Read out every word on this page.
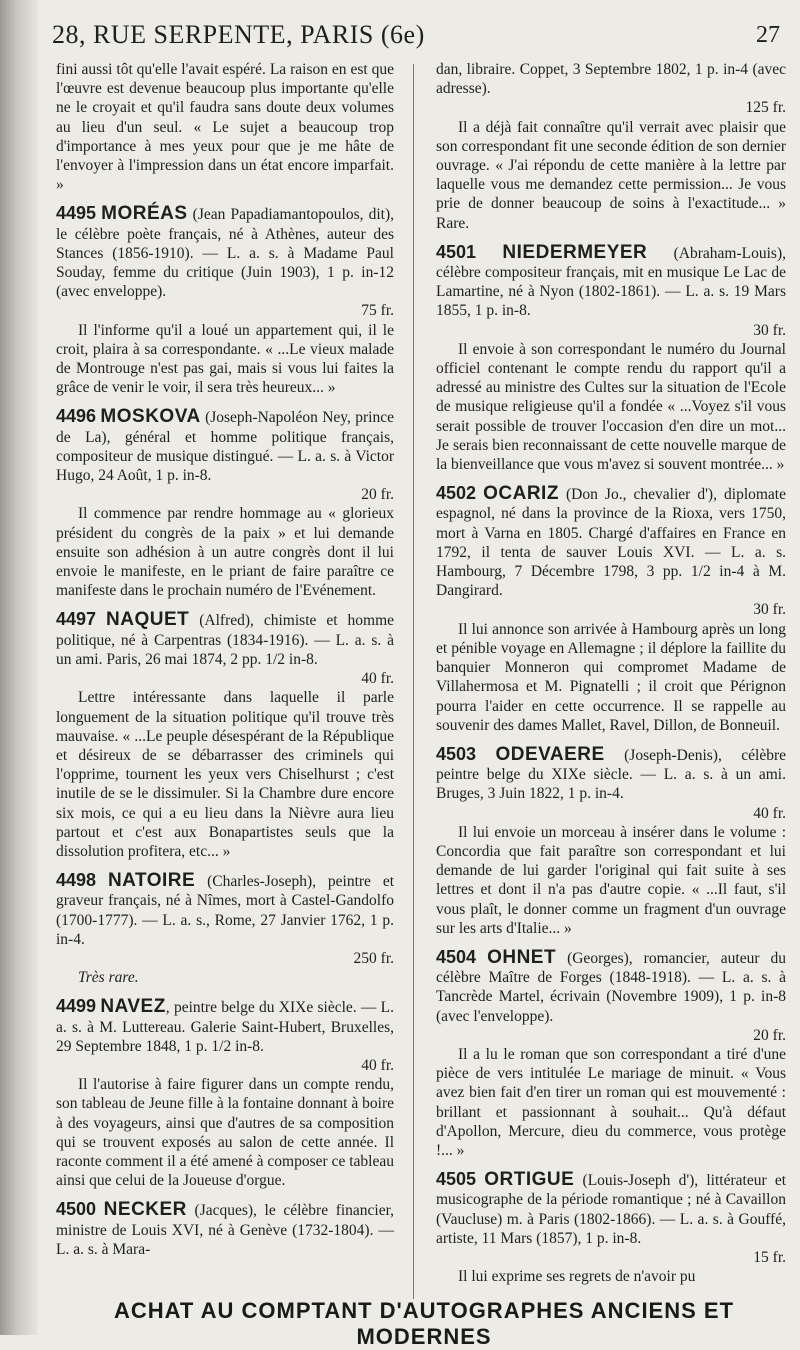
28, RUE SERPENTE, PARIS (6e)	27

fini aussi tôt qu'elle l'avait espéré. La raison en est que l'œuvre est devenue beaucoup plus importante qu'elle ne le croyait et qu'il faudra sans doute deux volumes au lieu d'un seul. « Le sujet a beaucoup trop d'importance à mes yeux pour que je me hâte de l'envoyer à l'impression dans un état encore imparfait. »

4495 MORÉAS (Jean Papadiamantopoulos, dit), le célèbre poète français, né à Athènes, auteur des Stances (1856-1910). — L. a. s. à Madame Paul Souday, femme du critique (Juin 1903), 1 p. in-12 (avec enveloppe).

75 fr.

Il l'informe qu'il a loué un appartement qui, il le croit, plaira à sa correspondante. « ...Le vieux malade de Montrouge n'est pas gai, mais si vous lui faites la grâce de venir le voir, il sera très heureux... »

4496 MOSKOVA (Joseph-Napoléon Ney, prince de La), général et homme politique français, compositeur de musique distingué. — L. a. s. à Victor Hugo, 24 Août, 1 p. in-8.

20 fr.

Il commence par rendre hommage au « glorieux président du congrès de la paix » et lui demande ensuite son adhésion à un autre congrès dont il lui envoie le manifeste, en le priant de faire paraître ce manifeste dans le prochain numéro de l'Evénement.

4497 NAQUET (Alfred), chimiste et homme politique, né à Carpentras (1834-1916). — L. a. s. à un ami. Paris, 26 mai 1874, 2 pp. 1/2 in-8.

40 fr.

Lettre intéressante dans laquelle il parle longuement de la situation politique qu'il trouve très mauvaise. « ...Le peuple désespérant de la République et désireux de se débarrasser des criminels qui l'opprime, tournent les yeux vers Chiselhurst ; c'est inutile de se le dissimuler. Si la Chambre dure encore six mois, ce qui a eu lieu dans la Nièvre aura lieu partout et c'est aux Bonapartistes seuls que la dissolution profitera, etc... »

4498 NATOIRE (Charles-Joseph), peintre et graveur français, né à Nîmes, mort à Castel-Gandolfo (1700-1777). — L. a. s., Rome, 27 Janvier 1762, 1 p. in-4.

250 fr.
Très rare.

4499 NAVEZ, peintre belge du XIXe siècle. — L. a. s. à M. Luttereau. Galerie Saint-Hubert, Bruxelles, 29 Septembre 1848, 1 p. 1/2 in-8.

40 fr.

Il l'autorise à faire figurer dans un compte rendu, son tableau de Jeune fille à la fontaine donnant à boire à des voyageurs, ainsi que d'autres de sa composition qui se trouvent exposés au salon de cette année. Il raconte comment il a été amené à composer ce tableau ainsi que celui de la Joueuse d'orgue.

4500 NECKER (Jacques), le célèbre financier, ministre de Louis XVI, né à Genève (1732-1804). — L. a. s. à Mara-

dan, libraire. Coppet, 3 Septembre 1802, 1 p. in-4 (avec adresse).

125 fr.

Il a déjà fait connaître qu'il verrait avec plaisir que son correspondant fit une seconde édition de son dernier ouvrage. « J'ai répondu de cette manière à la lettre par laquelle vous me demandez cette permission... Je vous prie de donner beaucoup de soins à l'exactitude... » Rare.

4501 NIEDERMEYER (Abraham-Louis), célèbre compositeur français, mit en musique Le Lac de Lamartine, né à Nyon (1802-1861). — L. a. s. 19 Mars 1855, 1 p. in-8.

30 fr.

Il envoie à son correspondant le numéro du Journal officiel contenant le compte rendu du rapport qu'il a adressé au ministre des Cultes sur la situation de l'Ecole de musique religieuse qu'il a fondée « ...Voyez s'il vous serait possible de trouver l'occasion d'en dire un mot... Je serais bien reconnaissant de cette nouvelle marque de la bienveillance que vous m'avez si souvent montrée... »

4502 OCARIZ (Don Jo., chevalier d'), diplomate espagnol, né dans la province de la Rioxa, vers 1750, mort à Varna en 1805. Chargé d'affaires en France en 1792, il tenta de sauver Louis XVI. — L. a. s. Hambourg, 7 Décembre 1798, 3 pp. 1/2 in-4 à M. Dangirard.

30 fr.

Il lui annonce son arrivée à Hambourg après un long et pénible voyage en Allemagne ; il déplore la faillite du banquier Monneron qui compromet Madame de Villahermosa et M. Pignatelli ; il croit que Pérignon pourra l'aider en cette occurrence. Il se rappelle au souvenir des dames Mallet, Ravel, Dillon, de Bonneuil.

4503 ODEVAERE (Joseph-Denis), célèbre peintre belge du XIXe siècle. — L. a. s. à un ami. Bruges, 3 Juin 1822, 1 p. in-4.

40 fr.

Il lui envoie un morceau à insérer dans le volume : Concordia que fait paraître son correspondant et lui demande de lui garder l'original qui fait suite à ses lettres et dont il n'a pas d'autre copie. « ...Il faut, s'il vous plaît, le donner comme un fragment d'un ouvrage sur les arts d'Italie... »

4504 OHNET (Georges), romancier, auteur du célèbre Maître de Forges (1848-1918). — L. a. s. à Tancrède Martel, écrivain (Novembre 1909), 1 p. in-8 (avec l'enveloppe).

20 fr.

Il a lu le roman que son correspondant a tiré d'une pièce de vers intitulée Le mariage de minuit. « Vous avez bien fait d'en tirer un roman qui est mouvementé : brillant et passionnant à souhait... Qu'à défaut d'Apollon, Mercure, dieu du commerce, vous protège !... »

4505 ORTIGUE (Louis-Joseph d'), littérateur et musicographe de la période romantique ; né à Cavaillon (Vaucluse) m. à Paris (1802-1866). — L. a. s. à Gouffé, artiste, 11 Mars (1857), 1 p. in-8.

15 fr.

Il lui exprime ses regrets de n'avoir pu

ACHAT AU COMPTANT D'AUTOGRAPHES ANCIENS ET MODERNES
